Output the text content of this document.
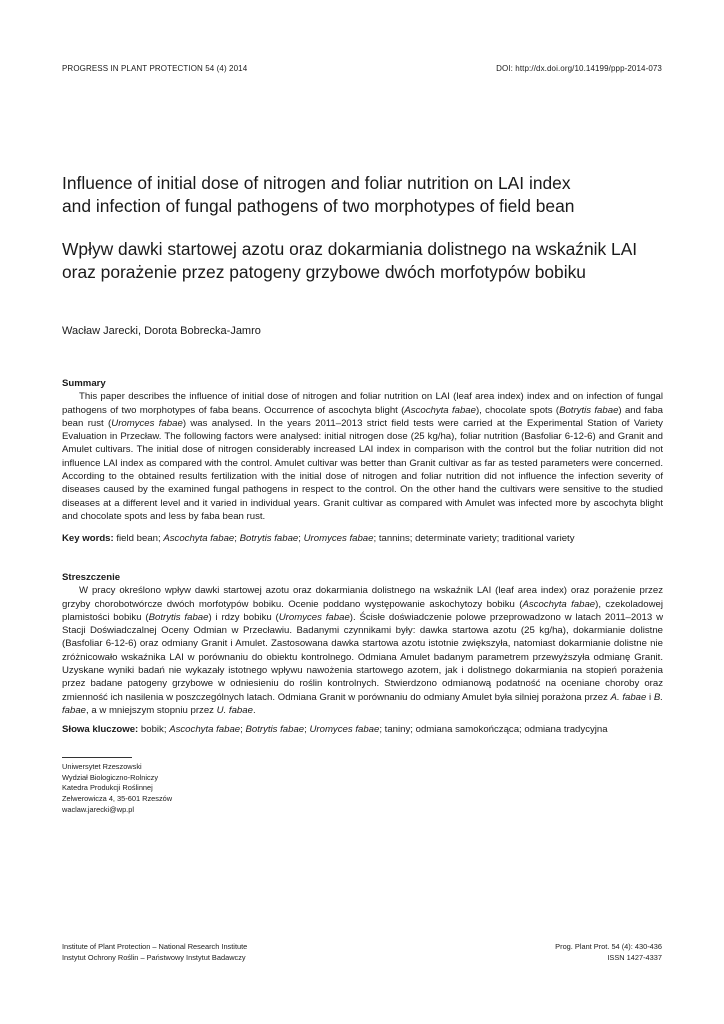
PROGRESS IN PLANT PROTECTION 54 (4) 2014	DOI: http://dx.doi.org/10.14199/ppp-2014-073
Influence of initial dose of nitrogen and foliar nutrition on LAI index
and infection of fungal pathogens of two morphotypes of field bean
Wpływ dawki startowej azotu oraz dokarmiania dolistnego na wskaźnik LAI
oraz porażenie przez patogeny grzybowe dwóch morfotypów bobiku
Wacław Jarecki, Dorota Bobrecka-Jamro
Summary

This paper describes the influence of initial dose of nitrogen and foliar nutrition on LAI (leaf area index) index and on infection of fungal pathogens of two morphotypes of faba beans. Occurrence of ascochyta blight (Ascochyta fabae), chocolate spots (Botrytis fabae) and faba bean rust (Uromyces fabae) was analysed. In the years 2011–2013 strict field tests were carried at the Experimental Station of Variety Evaluation in Przecław. The following factors were analysed: initial nitrogen dose (25 kg/ha), foliar nutrition (Basfoliar 6-12-6) and Granit and Amulet cultivars. The initial dose of nitrogen considerably increased LAI index in comparison with the control but the foliar nutrition did not influence LAI index as compared with the control. Amulet cultivar was better than Granit cultivar as far as tested parameters were concerned. According to the obtained results fertilization with the initial dose of nitrogen and foliar nutrition did not influence the infection severity of diseases caused by the examined fungal pathogens in respect to the control. On the other hand the cultivars were sensitive to the studied diseases at a different level and it varied in individual years. Granit cultivar as compared with Amulet was infected more by ascochyta blight and chocolate spots and less by faba bean rust.

Key words: field bean; Ascochyta fabae; Botrytis fabae; Uromyces fabae; tannins; determinate variety; traditional variety
Streszczenie

W pracy określono wpływ dawki startowej azotu oraz dokarmiania dolistnego na wskaźnik LAI (leaf area index) oraz porażenie przez grzyby chorobotwórcze dwóch morfotypów bobiku. Ocenie poddano występowanie askochytozy bobiku (Ascochyta fabae), czekoladowej plamistości bobiku (Botrytis fabae) i rdzy bobiku (Uromyces fabae). Ścisłe doświadczenie polowe przeprowadzono w latach 2011–2013 w Stacji Doświadczalnej Oceny Odmian w Przecławiu. Badanymi czynnikami były: dawka startowa azotu (25 kg/ha), dokarmianie dolistne (Basfoliar 6-12-6) oraz odmiany Granit i Amulet. Zastosowana dawka startowa azotu istotnie zwiększyła, natomiast dokarmianie dolistne nie zróżnicowało wskaźnika LAI w porównaniu do obiektu kontrolnego. Odmiana Amulet badanym parametrem przewyższyła odmianę Granit. Uzyskane wyniki badań nie wykazały istotnego wpływu nawożenia startowego azotem, jak i dolistnego dokarmiania na stopień porażenia przez badane patogeny grzybowe w odniesieniu do roślin kontrolnych. Stwierdzono odmianową podatność na oceniane choroby oraz zmienność ich nasilenia w poszczególnych latach. Odmiana Granit w porównaniu do odmiany Amulet była silniej porażona przez A. fabae i B. fabae, a w mniejszym stopniu przez U. fabae.

Słowa kluczowe: bobik; Ascochyta fabae; Botrytis fabae; Uromyces fabae; taniny; odmiana samokończąca; odmiana tradycyjna
Uniwersytet Rzeszowski
Wydział Biologiczno-Rolniczy
Katedra Produkcji Roślinnej
Zelwerowicza 4, 35-601 Rzeszów
waclaw.jarecki@wp.pl
Institute of Plant Protection – National Research Institute
Instytut Ochrony Roślin – Państwowy Instytut Badawczy
Prog. Plant Prot. 54 (4): 430-436
ISSN 1427-4337
